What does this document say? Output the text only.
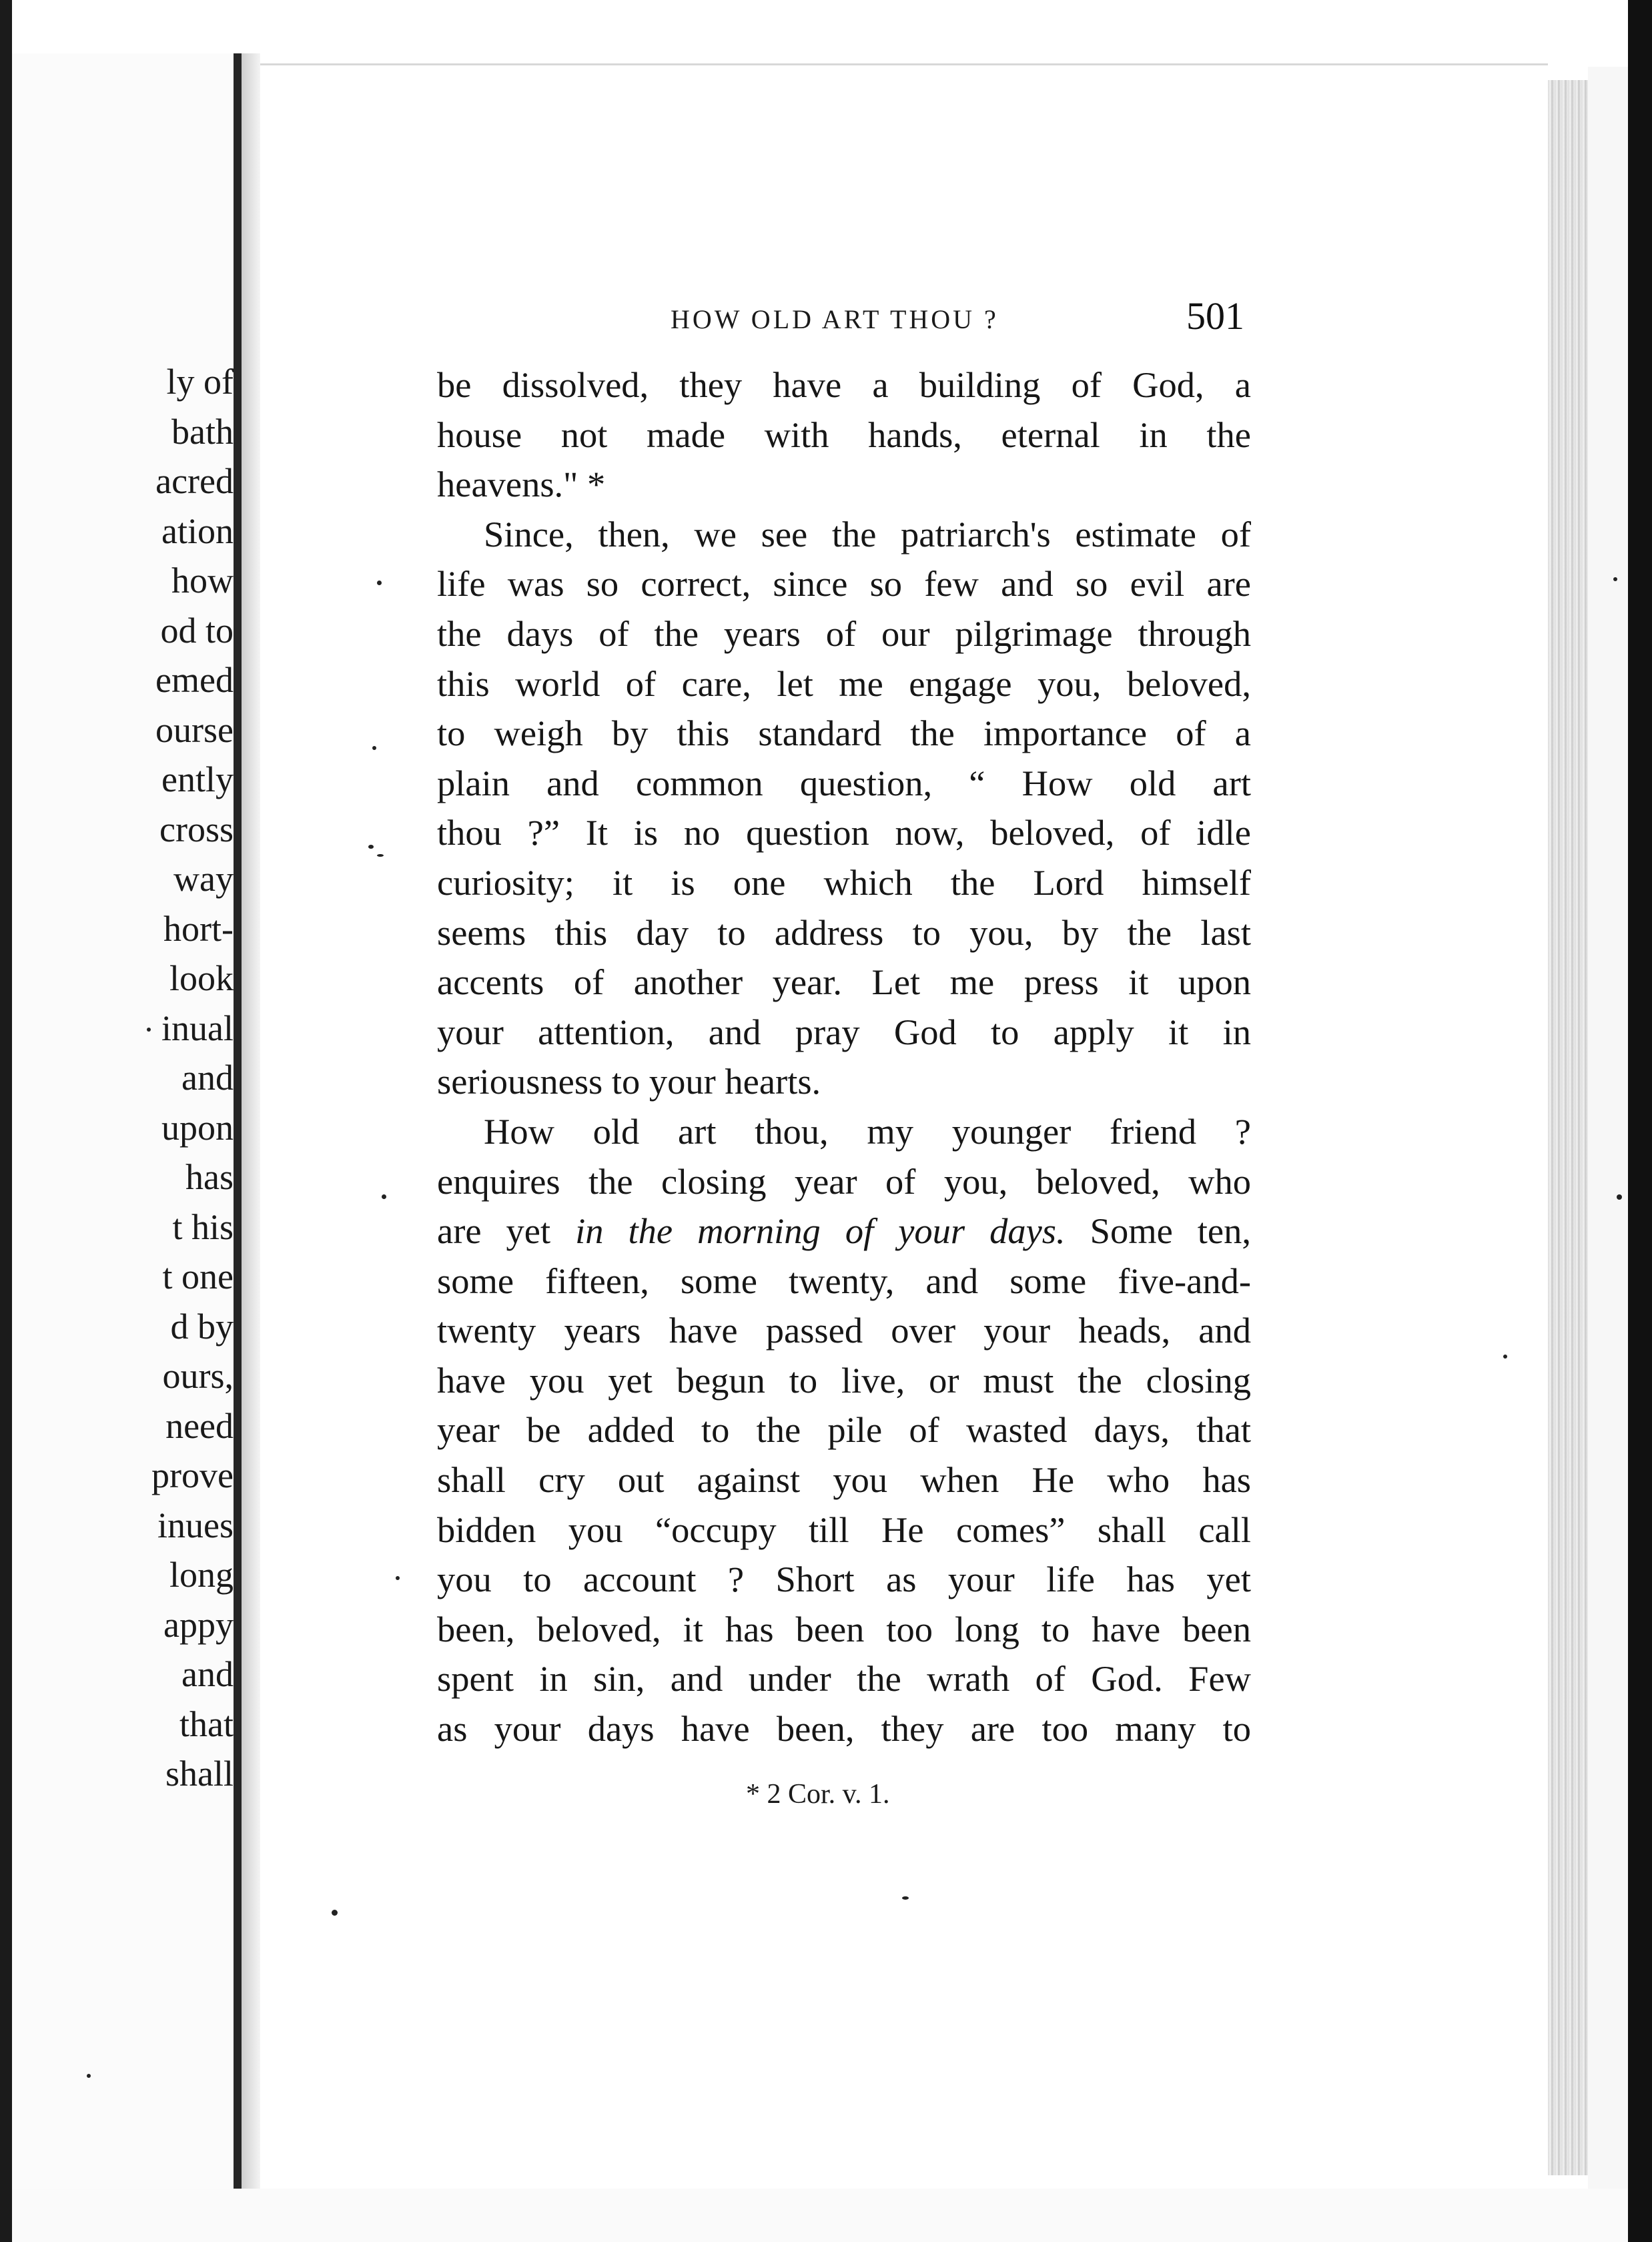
ly of
bath
acred
ation
how
od to
emed
ourse
ently
cross
way
hort-
look
inual
and
upon
has
t his
t one
d by
ours,
need
prove
inues
long
appy
and
that
shall
HOW OLD ART THOU ?	501
be dissolved, they have a building of God, a
house not made with hands, eternal in the
heavens." *
Since, then, we see the patriarch's estimate of
life was so correct, since so few and so evil are
the days of the years of our pilgrimage through
this world of care, let me engage you, beloved,
to weigh by this standard the importance of a
plain and common question, “ How old art
thou ?” It is no question now, beloved, of idle
curiosity; it is one which the Lord himself
seems this day to address to you, by the last
accents of another year. Let me press it upon
your attention, and pray God to apply it in
seriousness to your hearts.
How old art thou, my younger friend ?
enquires the closing year of you, beloved, who
are yet in the morning of your days. Some ten,
some fifteen, some twenty, and some five-and-
twenty years have passed over your heads, and
have you yet begun to live, or must the closing
year be added to the pile of wasted days, that
shall cry out against you when He who has
bidden you “occupy till He comes” shall call
you to account ? Short as your life has yet
been, beloved, it has been too long to have been
spent in sin, and under the wrath of God. Few
as your days have been, they are too many to
* 2 Cor. v. 1.
